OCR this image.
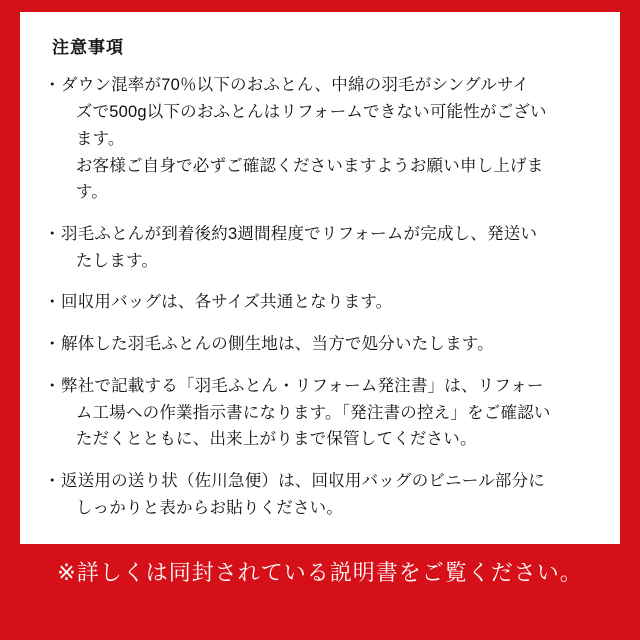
注意事項
・ ダウン混率が70％以下のおふとん、中綿の羽毛がシングルサイ
ズで500g以下のおふとんはリフォームできない可能性がござい
ます。
お客様ご自身で必ずご確認くださいますようお願い申し上げま
す。
・ 羽毛ふとんが到着後約3週間程度でリフォームが完成し、発送い
たします。
・ 回収用バッグは、各サイズ共通となります。
・ 解体した羽毛ふとんの側生地は、当方で処分いたします。
・ 弊社で記載する「羽毛ふとん・リフォーム発注書」は、リフォー
ム工場への作業指示書になります。「発注書の控え」をご確認い
ただくとともに、出来上がりまで保管してください。
・ 返送用の送り状（佐川急便）は、回収用バッグのビニール部分に
しっかりと表からお貼りください。
※詳しくは同封されている説明書をご覧ください。
